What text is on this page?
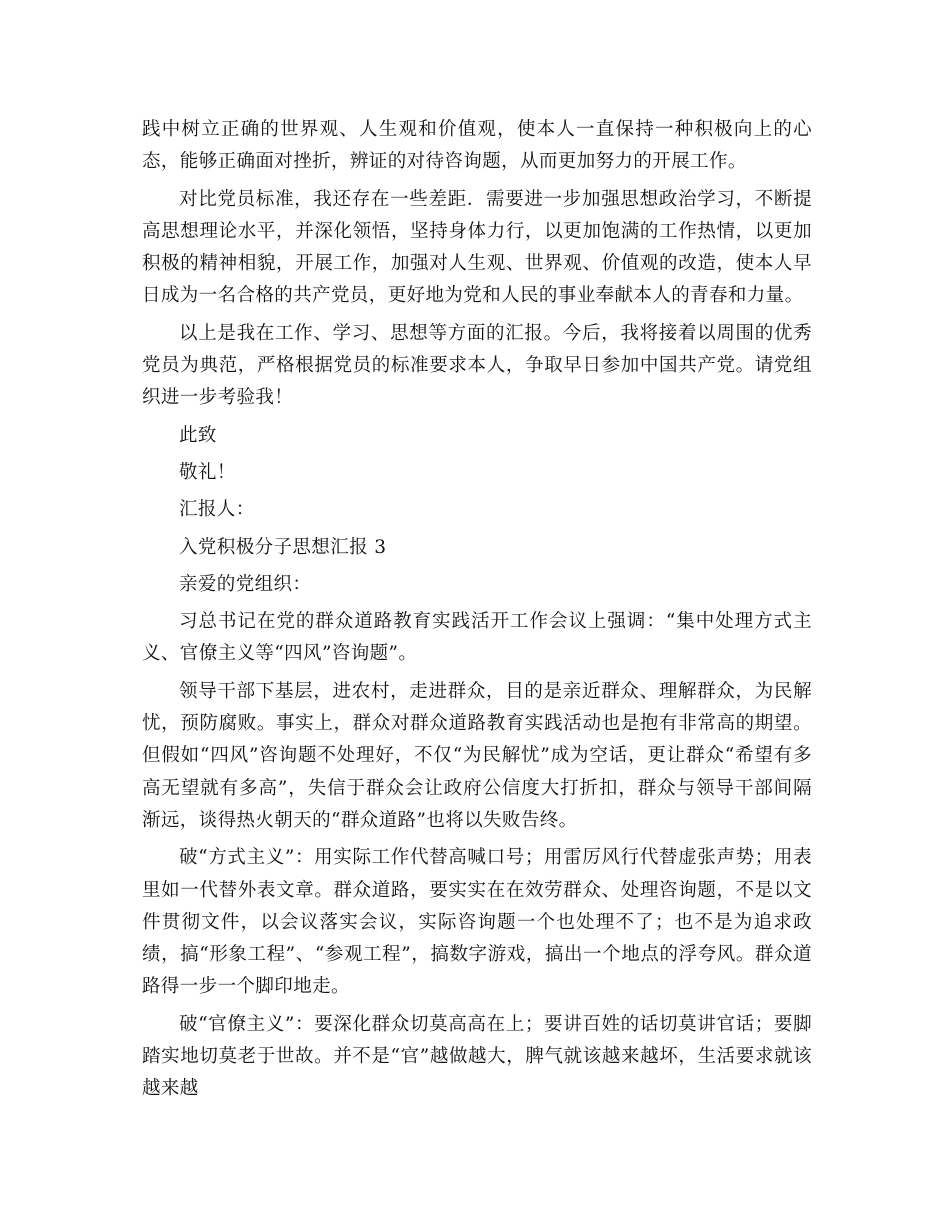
践中树立正确的世界观、人生观和价值观，使本人一直保持一种积极向上的心态，能够正确面对挫折，辨证的对待咨询题，从而更加努力的开展工作。

对比党员标准，我还存在一些差距．需要进一步加强思想政治学习，不断提高思想理论水平，并深化领悟，坚持身体力行，以更加饱满的工作热情，以更加积极的精神相貌，开展工作，加强对人生观、世界观、价值观的改造，使本人早日成为一名合格的共产党员，更好地为党和人民的事业奉献本人的青春和力量。

以上是我在工作、学习、思想等方面的汇报。今后，我将接着以周围的优秀党员为典范，严格根据党员的标准要求本人，争取早日参加中国共产党。请党组织进一步考验我！

此致

敬礼！

汇报人：

入党积极分子思想汇报 3

亲爱的党组织：

习总书记在党的群众道路教育实践活开工作会议上强调：“集中处理方式主义、官僚主义等“四风”咨询题”。

领导干部下基层，进农村，走进群众，目的是亲近群众、理解群众，为民解忧，预防腐败。事实上，群众对群众道路教育实践活动也是抱有非常高的期望。但假如“四风”咨询题不处理好，不仅“为民解忧”成为空话，更让群众“希望有多高无望就有多高”，失信于群众会让政府公信度大打折扣，群众与领导干部间隔渐远，谈得热火朝天的“群众道路”也将以失败告终。

破“方式主义”：用实际工作代替高喊口号；用雷厉风行代替虚张声势；用表里如一代替外表文章。群众道路，要实实在在效劳群众、处理咨询题，不是以文件贯彻文件，以会议落实会议，实际咨询题一个也处理不了；也不是为追求政绩，搞“形象工程”、“参观工程”，搞数字游戏，搞出一个地点的浮夸风。群众道路得一步一个脚印地走。

破“官僚主义”：要深化群众切莫高高在上；要讲百姓的话切莫讲官话；要脚踏实地切莫老于世故。并不是“官”越做越大，脾气就该越来越坏，生活要求就该越来越
